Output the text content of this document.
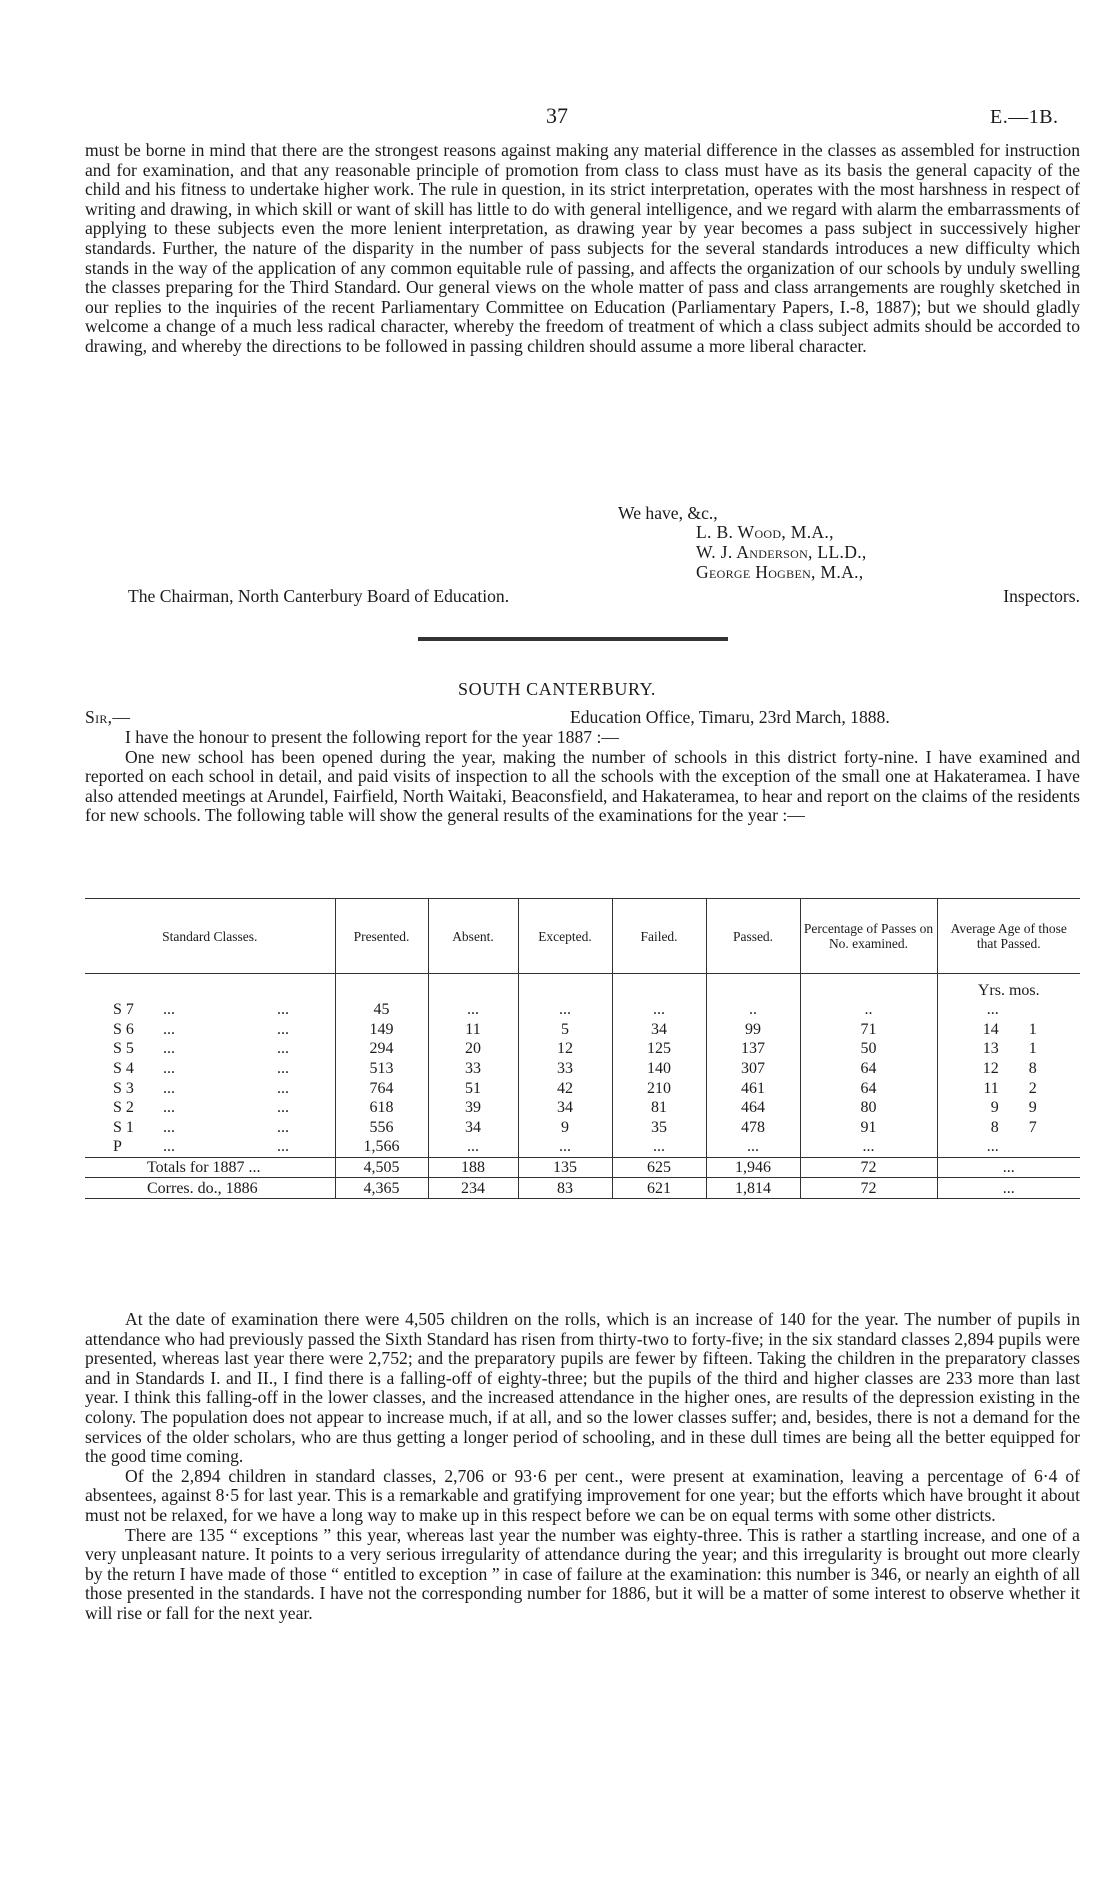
37	E.—1B.

must be borne in mind that there are the strongest reasons against making any material difference in the classes as assembled for instruction and for examination, and that any reasonable principle of promotion from class to class must have as its basis the general capacity of the child and his fitness to undertake higher work. The rule in question, in its strict interpretation, operates with the most harshness in respect of writing and drawing, in which skill or want of skill has little to do with general intelligence, and we regard with alarm the embarrassments of applying to these subjects even the more lenient interpretation, as drawing year by year becomes a pass subject in successively higher standards. Further, the nature of the disparity in the number of pass subjects for the several standards introduces a new difficulty which stands in the way of the application of any common equitable rule of passing, and affects the organization of our schools by unduly swelling the classes preparing for the Third Standard. Our general views on the whole matter of pass and class arrangements are roughly sketched in our replies to the inquiries of the recent Parliamentary Committee on Education (Parliamentary Papers, I.-8, 1887); but we should gladly welcome a change of a much less radical character, whereby the freedom of treatment of which a class subject admits should be accorded to drawing, and whereby the directions to be followed in passing children should assume a more liberal character.

We have, &c.,
L. B. Wood, M.A.,
W. J. Anderson, LL.D.,
George Hogben, M.A.,
The Chairman, North Canterbury Board of Education.	Inspectors.
SOUTH CANTERBURY.
Sir,—	Education Office, Timaru, 23rd March, 1888.

I have the honour to present the following report for the year 1887 :—

One new school has been opened during the year, making the number of schools in this district forty-nine. I have examined and reported on each school in detail, and paid visits of inspection to all the schools with the exception of the small one at Hakateramea. I have also attended meetings at Arundel, Fairfield, North Waitaki, Beaconsfield, and Hakateramea, to hear and report on the claims of the residents for new schools. The following table will show the general results of the examinations for the year :—

Standard Classes.	Presented.	Absent.	Excepted.	Failed.	Passed.	Percentage of Passes on No. examined.	Average Age of those that Passed.
							Yrs. mos.

S 7 ... ...	45	...	...	...	..	..	...

S 6 ... ...	149	11	5	34	99	71	14 1

S 5 ... ...	294	20	12	125	137	50	13 1

S 4 ... ...	513	33	33	140	307	64	12 8

S 3 ... ...	764	51	42	210	461	64	11 2

S 2 ... ...	618	39	34	81	464	80	9 9

S 1 ... ...	556	34	9	35	478	91	8 7

P ... ...	1,566	...	...	...	...	...	...

Totals for 1887 ...	4,505	188	135	625	1,946	72	...
Corres. do., 1886	4,365	234	83	621	1,814	72	...

At the date of examination there were 4,505 children on the rolls, which is an increase of 140 for the year. The number of pupils in attendance who had previously passed the Sixth Standard has risen from thirty-two to forty-five; in the six standard classes 2,894 pupils were presented, whereas last year there were 2,752; and the preparatory pupils are fewer by fifteen. Taking the children in the preparatory classes and in Standards I. and II., I find there is a falling-off of eighty-three; but the pupils of the third and higher classes are 233 more than last year. I think this falling-off in the lower classes, and the increased attendance in the higher ones, are results of the depression existing in the colony. The population does not appear to increase much, if at all, and so the lower classes suffer; and, besides, there is not a demand for the services of the older scholars, who are thus getting a longer period of schooling, and in these dull times are being all the better equipped for the good time coming.

Of the 2,894 children in standard classes, 2,706 or 93·6 per cent., were present at examination, leaving a percentage of 6·4 of absentees, against 8·5 for last year. This is a remarkable and gratifying improvement for one year; but the efforts which have brought it about must not be relaxed, for we have a long way to make up in this respect before we can be on equal terms with some other districts.

There are 135 “ exceptions ” this year, whereas last year the number was eighty-three. This is rather a startling increase, and one of a very unpleasant nature. It points to a very serious irregularity of attendance during the year; and this irregularity is brought out more clearly by the return I have made of those “ entitled to exception ” in case of failure at the examination: this number is 346, or nearly an eighth of all those presented in the standards. I have not the corresponding number for 1886, but it will be a matter of some interest to observe whether it will rise or fall for the next year.
